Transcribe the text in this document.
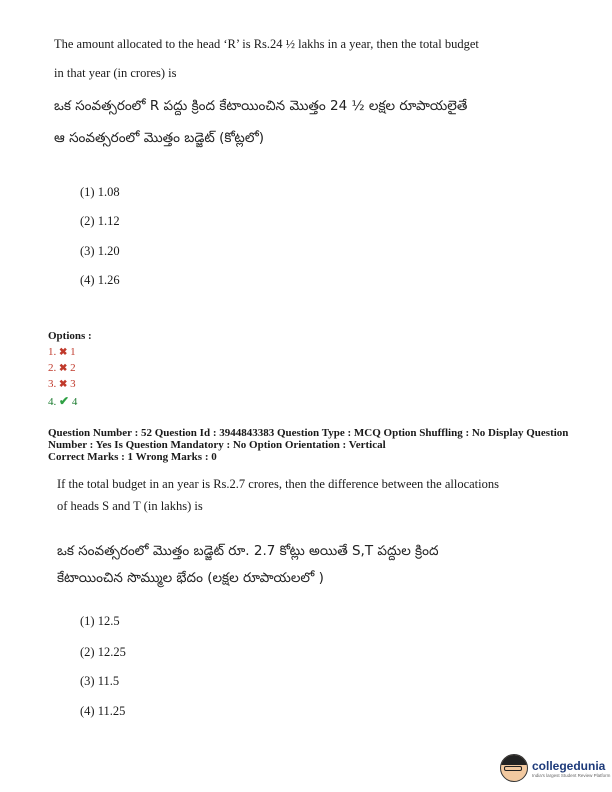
The amount allocated to the head ‘R’ is Rs.24 ½ lakhs in a year, then the total budget
in that year (in crores) is
ఒక సంవత్సరంలో R పద్దు క్రింద కేటాయించిన మొత్తం 24 ½ లక్షల రూపాయలైతే
ఆ సంవత్సరంలో మొత్తం బడ్జెట్ (కోట్లలో)
(1) 1.08
(2) 1.12
(3) 1.20
(4) 1.26
Options :
1. ✖ 1
2. ✖ 2
3. ✖ 3
4. ✔ 4
Question Number : 52 Question Id : 3944843383 Question Type : MCQ Option Shuffling : No Display Question Number : Yes Is Question Mandatory : No Option Orientation : Vertical
Correct Marks : 1 Wrong Marks : 0
If the total budget in an year is Rs.2.7 crores, then the difference between the allocations
of heads S and T (in lakhs) is
ఒక సంవత్సరంలో మొత్తం బడ్జెట్ రూ. 2.7 కోట్లు అయితే S,T పద్దుల క్రింద
కేటాయించిన సొమ్ముల భేదం (లక్షల రూపాయలలో )
(1) 12.5
(2) 12.25
(3) 11.5
(4) 11.25
collegedunia
India's largest Student Review Platform
